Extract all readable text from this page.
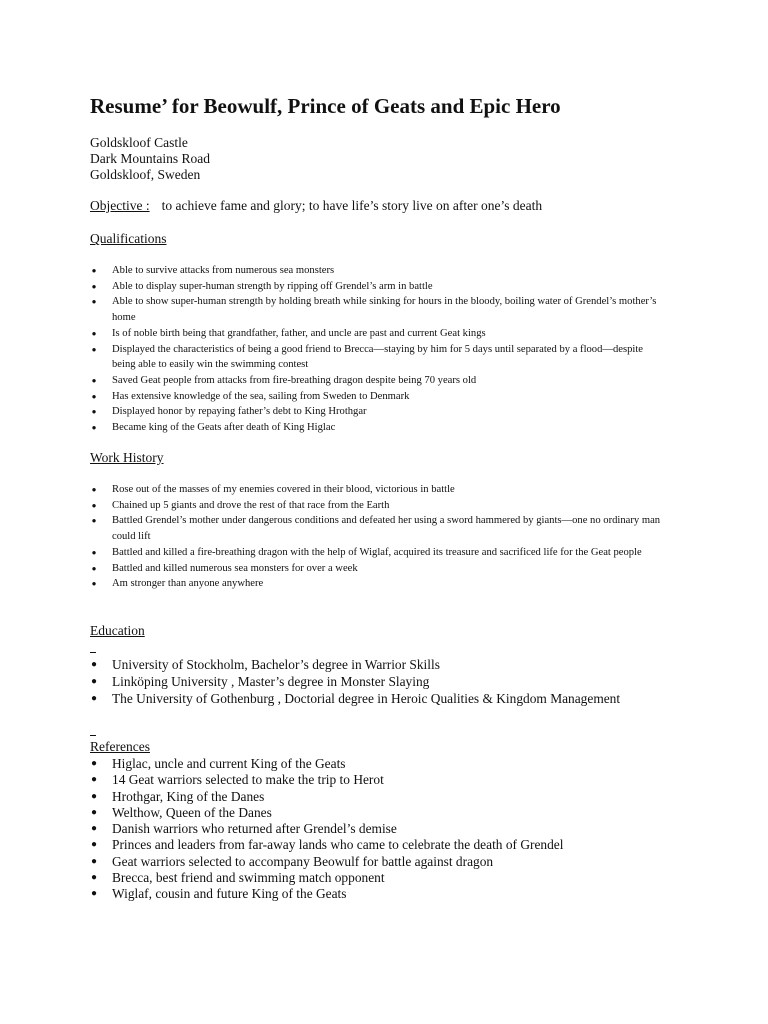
Resume’ for Beowulf, Prince of Geats and Epic Hero
Goldskloof Castle
Dark Mountains Road
Goldskloof, Sweden
Objective : to achieve fame and glory; to have life’s story live on after one’s death
Qualifications
● Able to survive attacks from numerous sea monsters
● Able to display super-human strength by ripping off Grendel’s arm in battle
● Able to show super-human strength by holding breath while sinking for hours in the bloody, boiling water of Grendel’s mother’s home
● Is of noble birth being that grandfather, father, and uncle are past and current Geat kings
● Displayed the characteristics of being a good friend to Brecca—staying by him for 5 days until separated by a flood—despite being able to easily win the swimming contest
● Saved Geat people from attacks from fire-breathing dragon despite being 70 years old
● Has extensive knowledge of the sea, sailing from Sweden to Denmark
● Displayed honor by repaying father’s debt to King Hrothgar
● Became king of the Geats after death of King Higlac
Work History
● Rose out of the masses of my enemies covered in their blood, victorious in battle
● Chained up 5 giants and drove the rest of that race from the Earth
● Battled Grendel’s mother under dangerous conditions and defeated her using a sword hammered by giants—one no ordinary man could lift
● Battled and killed a fire-breathing dragon with the help of Wiglaf, acquired its treasure and sacrificed life for the Geat people
● Battled and killed numerous sea monsters for over a week
● Am stronger than anyone anywhere
Education
● University of Stockholm, Bachelor’s degree in Warrior Skills
● Linköping University , Master’s degree in Monster Slaying
● The University of Gothenburg , Doctorial degree in Heroic Qualities & Kingdom Management
References
● Higlac, uncle and current King of the Geats
● 14 Geat warriors selected to make the trip to Herot
● Hrothgar, King of the Danes
● Welthow, Queen of the Danes
● Danish warriors who returned after Grendel’s demise
● Princes and leaders from far-away lands who came to celebrate the death of Grendel
● Geat warriors selected to accompany Beowulf for battle against dragon
● Brecca, best friend and swimming match opponent
● Wiglaf, cousin and future King of the Geats
